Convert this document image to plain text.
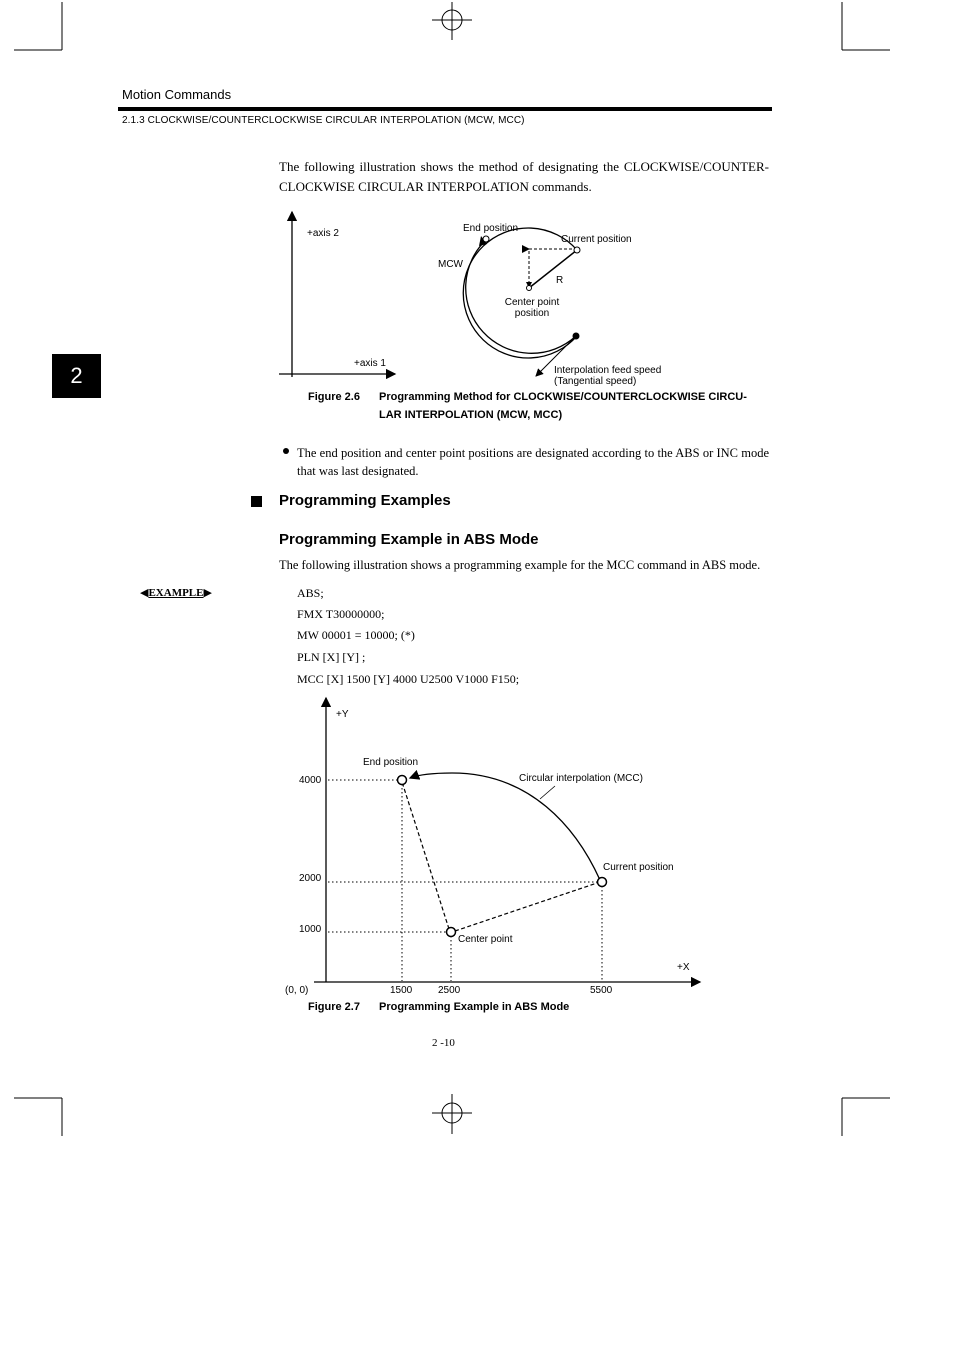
Motion Commands
2.1.3 CLOCKWISE/COUNTERCLOCKWISE CIRCULAR INTERPOLATION (MCW, MCC)
The following illustration shows the method of designating the CLOCKWISE/COUNTER-CLOCKWISE CIRCULAR INTERPOLATION commands.
2
+axis 2
+axis 1
End position
Current position
MCW
R
Center point
position
Interpolation feed speed
(Tangential speed)
Figure 2.6 Programming Method for CLOCKWISE/COUNTERCLOCKWISE CIRCU-
LAR INTERPOLATION (MCW, MCC)
The end position and center point positions are designated according to the ABS or INC mode that was last designated.
Programming Examples
Programming Example in ABS Mode
The following illustration shows a programming example for the MCC command in ABS mode.
◀EXAMPLE▶	ABS;
FMX T30000000;
MW 00001 = 10000; (*)
PLN [X] [Y] ;
MCC [X] 1500 [Y] 4000 U2500 V1000 F150;
+Y
+X
(0, 0)
End position
Circular interpolation (MCC)
Current position
Center point
4000
2000
1000
1500	2500	5500
Figure 2.7 Programming Example in ABS Mode
2 -10
